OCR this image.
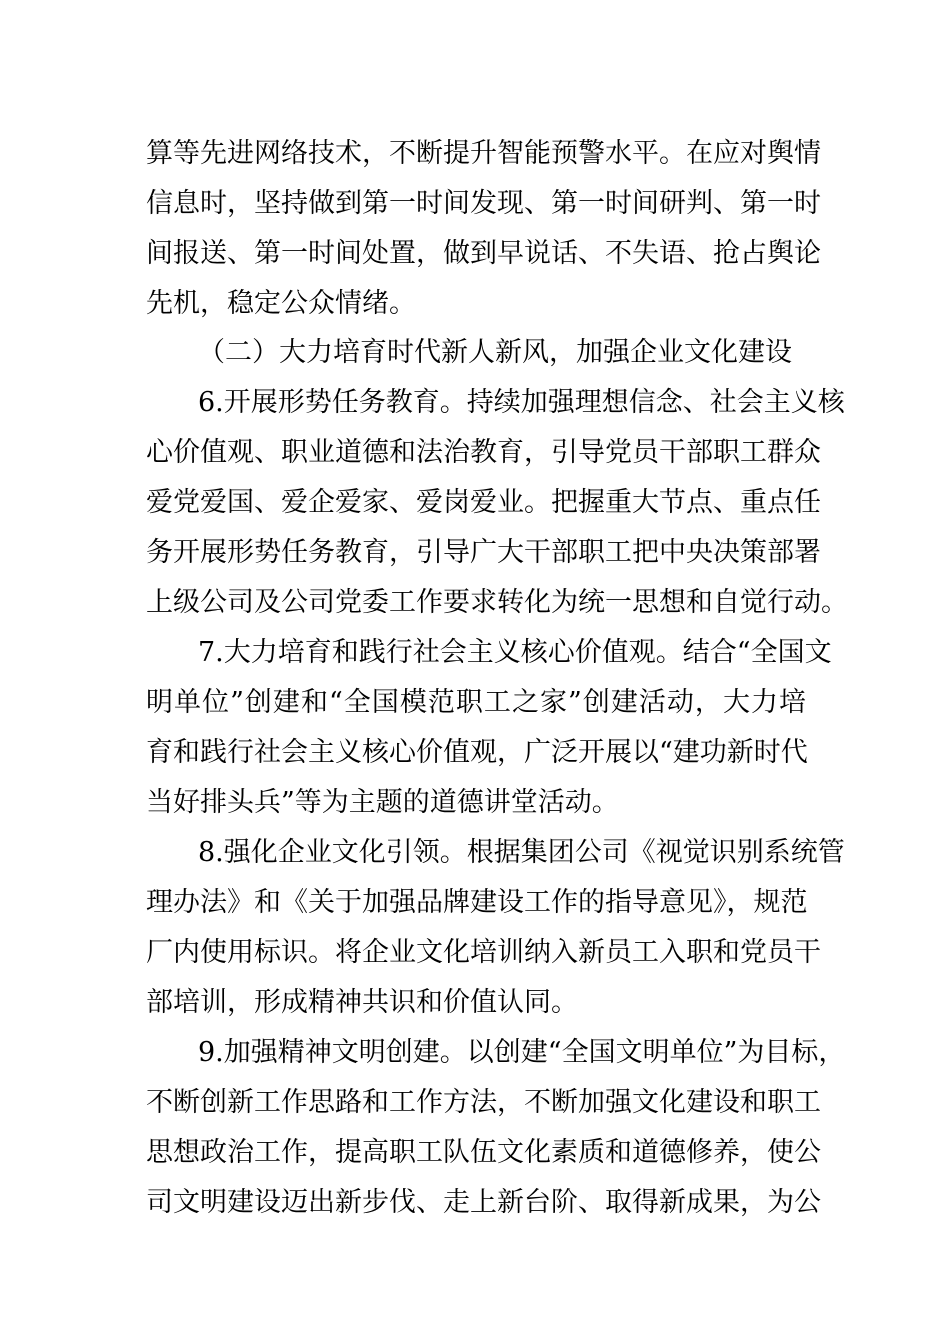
算等先进网络技术，不断提升智能预警水平。在应对舆情
信息时，坚持做到第一时间发现、第一时间研判、第一时
间报送、第一时间处置，做到早说话、不失语、抢占舆论
先机，稳定公众情绪。
（二）大力培育时代新人新风，加强企业文化建设
6.开展形势任务教育。持续加强理想信念、社会主义核
心价值观、职业道德和法治教育，引导党员干部职工群众
爱党爱国、爱企爱家、爱岗爱业。把握重大节点、重点任
务开展形势任务教育，引导广大干部职工把中央决策部署
上级公司及公司党委工作要求转化为统一思想和自觉行动。
7.大力培育和践行社会主义核心价值观。结合“全国文
明单位”创建和“全国模范职工之家”创建活动，大力培
育和践行社会主义核心价值观，广泛开展以“建功新时代
当好排头兵”等为主题的道德讲堂活动。
8.强化企业文化引领。根据集团公司《视觉识别系统管
理办法》和《关于加强品牌建设工作的指导意见》，规范
厂内使用标识。将企业文化培训纳入新员工入职和党员干
部培训，形成精神共识和价值认同。
9.加强精神文明创建。以创建“全国文明单位”为目标，
不断创新工作思路和工作方法，不断加强文化建设和职工
思想政治工作，提高职工队伍文化素质和道德修养，使公
司文明建设迈出新步伐、走上新台阶、取得新成果，为公
